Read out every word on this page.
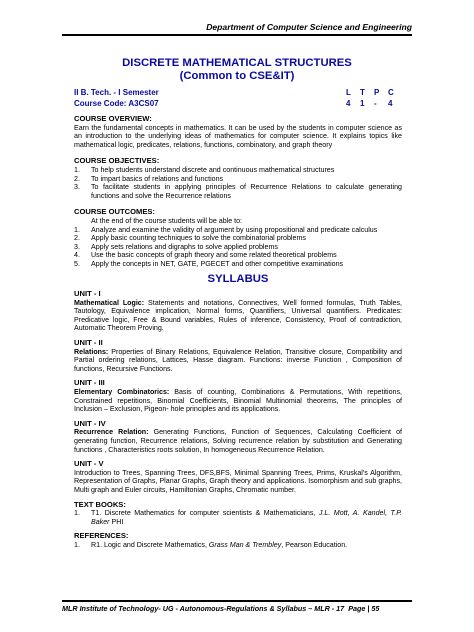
Department of Computer Science and Engineering
DISCRETE MATHEMATICAL STRUCTURES
(Common to CSE&IT)
II B. Tech. - I Semester	L	T	P	C
Course Code: A3CS07	4	1	-	4

COURSE OVERVIEW:

Earn the fundamental concepts in mathematics. It can be used by the students in computer science as an introduction to the underlying ideas of mathematics for computer science. It explains topics like mathematical logic, predicates, relations, functions, combinatory, and graph theory

COURSE OBJECTIVES:

1.	To help students understand discrete and continuous mathematical structures
2.	To impart basics of relations and functions
3.	To facilitate students in applying principles of Recurrence Relations to calculate generating functions and solve the Recurrence relations

COURSE OUTCOMES:

At the end of the course students will be able to:
1.	Analyze and examine the validity of argument by using propositional and predicate calculus
2.	Apply basic counting techniques to solve the combinatorial problems
3.	Apply sets relations and digraphs to solve applied problems
4.	Use the basic concepts of graph theory and some related theoretical problems
5.	Apply the concepts in NET, GATE, PGECET and other competitive examinations
SYLLABUS

UNIT - I

Mathematical Logic: Statements and notations, Connectives, Well formed formulas, Truth Tables, Tautology, Equivalence implication, Normal forms, Quantifiers, Universal quantifiers. Predicates: Predicative logic, Free & Bound variables, Rules of inference, Consistency, Proof of contradiction, Automatic Theorem Proving.

UNIT - II

Relations: Properties of Binary Relations, Equivalence Relation, Transitive closure, Compatibility and Partial ordering relations, Lattices, Hasse diagram. Functions: inverse Function , Composition of functions, Recursive Functions.

UNIT - III

Elementary Combinatorics: Basis of counting, Combinations & Permutations, With repetitions, Constrained repetitions, Binomial Coefficients, Binomial Multinomial theorems, The principles of Inclusion – Exclusion, Pigeon- hole principles and its applications.

UNIT - IV

Recurrence Relation: Generating Functions, Function of Sequences, Calculating Coefficient of generating function, Recurrence relations, Solving recurrence relation by substitution and Generating functions , Characteristics roots solution, In homogeneous Recurrence Relation.

UNIT - V

Introduction to Trees, Spanning Trees, DFS,BFS, Minimal Spanning Trees, Prims, Kruskal's Algorithm, Representation of Graphs, Planar Graphs, Graph theory and applications. Isomorphism and sub graphs, Multi graph and Euler circuits, Hamiltonian Graphs, Chromatic number.

TEXT BOOKS:

1.	T1. Discrete Mathematics for computer scientists & Mathematicians, J.L. Mott, A. Kandel, T.P. Baker PHI

REFERENCES:

1.	R1. Logic and Discrete Mathematics, Grass Man & Trembley, Pearson Education.
MLR Institute of Technology- UG - Autonomous-Regulations & Syllabus – MLR - 17 Page | 55
